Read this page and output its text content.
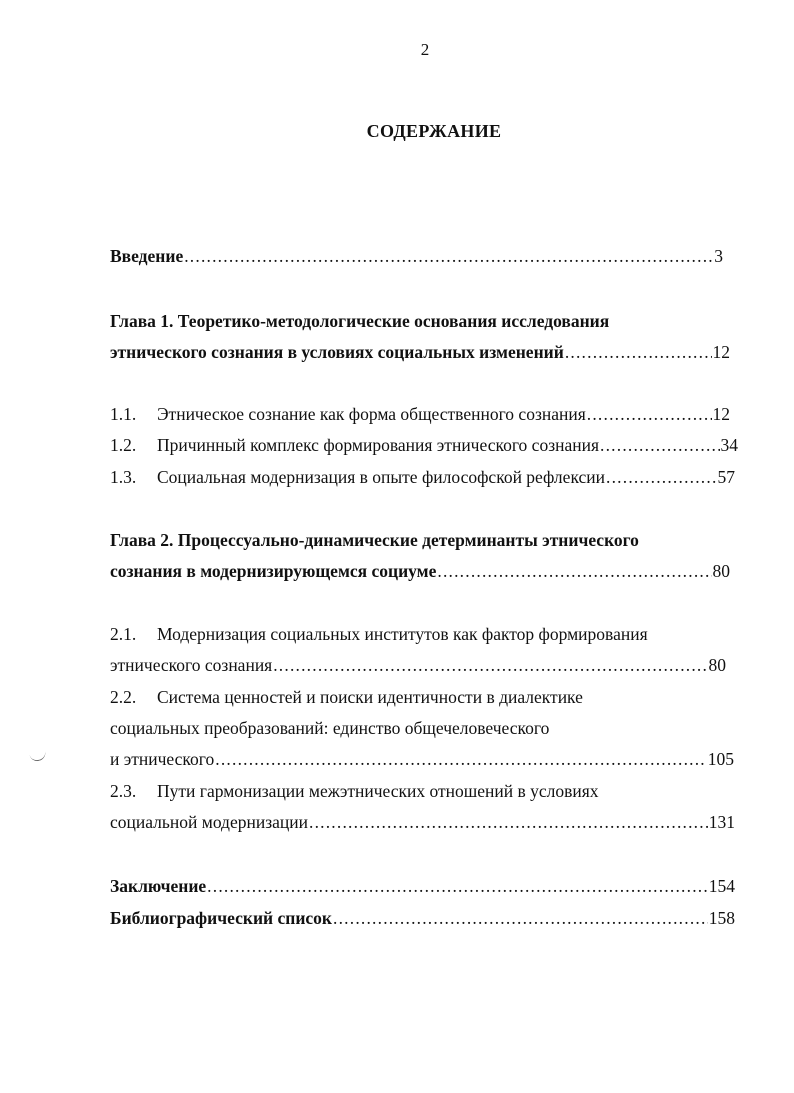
2
СОДЕРЖАНИЕ
Введение .....	3
Глава 1. Теоретико-методологические основания исследования
этнического сознания в условиях социальных изменений .....	12
1.1. Этническое сознание как форма общественного сознания .....	12
1.2. Причинный комплекс формирования этнического сознания .....	34
1.3. Социальная модернизация в опыте философской рефлексии .....	57
Глава 2. Процессуально-динамические детерминанты этнического
сознания в модернизирующемся социуме .....	80
2.1. Модернизация социальных институтов как фактор формирования
этнического сознания .....	80
2.2. Система ценностей и поиски идентичности в диалектике
социальных преобразований: единство общечеловеческого
и этнического .....	105
2.3. Пути гармонизации межэтнических отношений в условиях
социальной модернизации .....	131
Заключение .....	154
Библиографический список .....	158
